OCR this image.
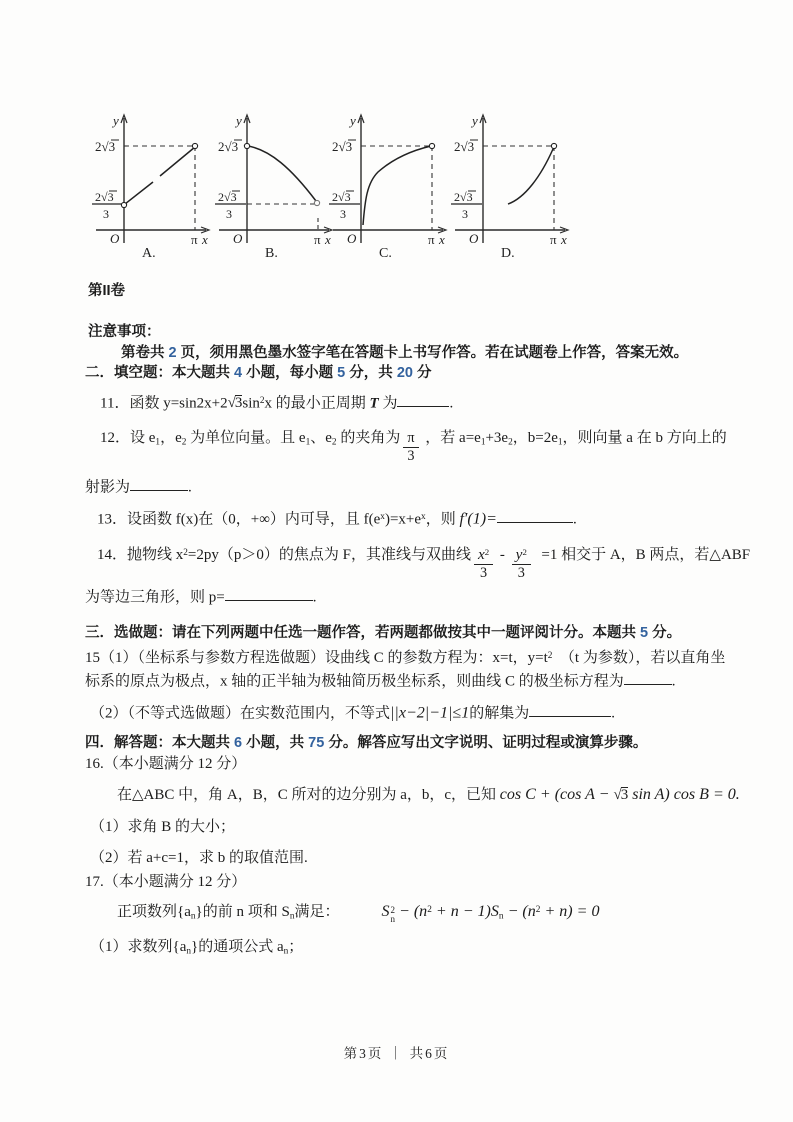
y
x
O	π
2√3
2√3
3
A.
y
x
O	π
2√3
2√3
3
B.
y
x
O	π
2√3
2√3
3
C.
y
x
O	π
2√3
2√3
3
D.
第II卷
注意事项：
第卷共 2 页，须用黑色墨水签字笔在答题卡上书写作答。若在试题卷上作答，答案无效。
二．填空题：本大题共 4 小题，每小题 5 分，共 20 分
11．函数 y=sin2x+2 √ 3 $\sin^2x$ 的最小正周期 T 为	.
12．设 e1，e2 为单位向量。且 e1、e2 的夹角为 $\frac{\pi}{3}$ ，若 a=e1+3e2，b=2e1，则向量 a 在 b 方向上的
射影为	.
13．设函数 f(x)在（0，+∞）内可导，且 $f(e^x)=x+e^x$，则 f′(1)=	.
14．抛物线 $x^2=2py(p>0)$的焦点为 F，其准线与双曲线 $\frac{x^2}{3} - \frac{y^2}{3} =1$ 相交于 A，B 两点，若△ABF
为等边三角形，则 p=	.
三．选做题：请在下列两题中任选一题作答，若两题都做按其中一题评阅计分。本题共 5 分。
15（1）（坐标系与参数方程选做题）设曲线 C 的参数方程为：x=t，$y=t^2$  （t 为参数），若以直角坐
标系的原点为极点，x 轴的正半轴为极轴简历极坐标系，则曲线 C 的极坐标方程为	.
（2）（不等式选做题）在实数范围内，不等式||x−2|−1|≤1的解集为	.
四．解答题：本大题共 6 小题，共 75 分。解答应写出文字说明、证明过程或演算步骤。
16.（本小题满分 12 分）
在△ABC 中，角 A，B，C 所对的边分别为 a，b，c，已知 cos C + (cos A − √ 3 sin A) cos B = 0.
（1）求角 B 的大小；
（2）若 a+c=1，求 b 的取值范围.
17.（本小题满分 12 分）
正项数列{an}的前 n 项和 Sn满足：	S 2
$n - (n^2 + n - 1)Sn - (n^2 + n) = 0$
（1）求数列{an}的通项公式 an；
第3页 ｜ 共6页
